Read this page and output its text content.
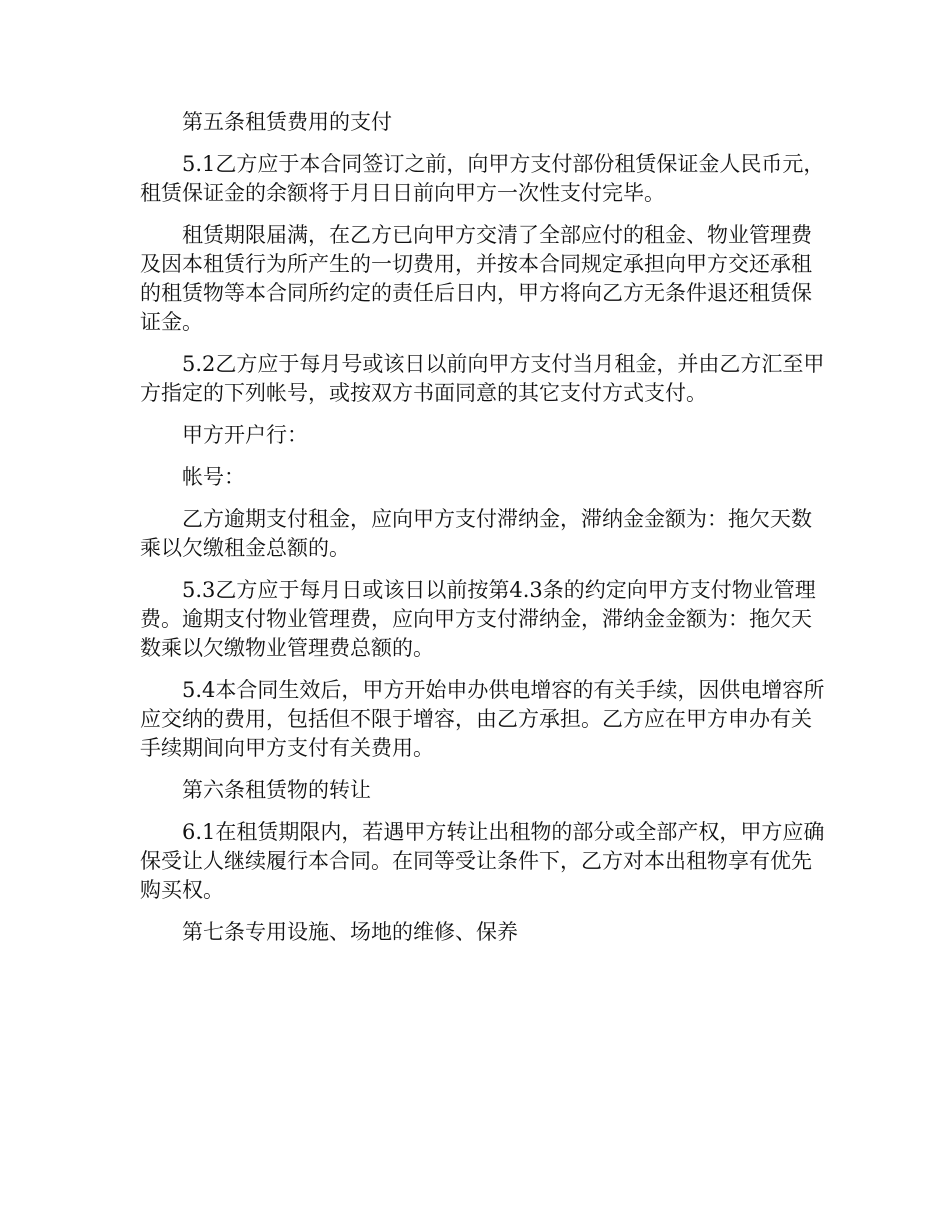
第五条租赁费用的支付

5.1乙方应于本合同签订之前，向甲方支付部份租赁保证金人民币元，租赁保证金的余额将于月日日前向甲方一次性支付完毕。

租赁期限届满，在乙方已向甲方交清了全部应付的租金、物业管理费及因本租赁行为所产生的一切费用，并按本合同规定承担向甲方交还承租的租赁物等本合同所约定的责任后日内，甲方将向乙方无条件退还租赁保证金。

5.2乙方应于每月号或该日以前向甲方支付当月租金，并由乙方汇至甲方指定的下列帐号，或按双方书面同意的其它支付方式支付。

甲方开户行：

帐号：

乙方逾期支付租金，应向甲方支付滞纳金，滞纳金金额为：拖欠天数乘以欠缴租金总额的。

5.3乙方应于每月日或该日以前按第4.3条的约定向甲方支付物业管理费。逾期支付物业管理费，应向甲方支付滞纳金，滞纳金金额为：拖欠天数乘以欠缴物业管理费总额的。

5.4本合同生效后，甲方开始申办供电增容的有关手续，因供电增容所应交纳的费用，包括但不限于增容，由乙方承担。乙方应在甲方申办有关手续期间向甲方支付有关费用。

第六条租赁物的转让

6.1在租赁期限内，若遇甲方转让出租物的部分或全部产权，甲方应确保受让人继续履行本合同。在同等受让条件下，乙方对本出租物享有优先购买权。

第七条专用设施、场地的维修、保养
